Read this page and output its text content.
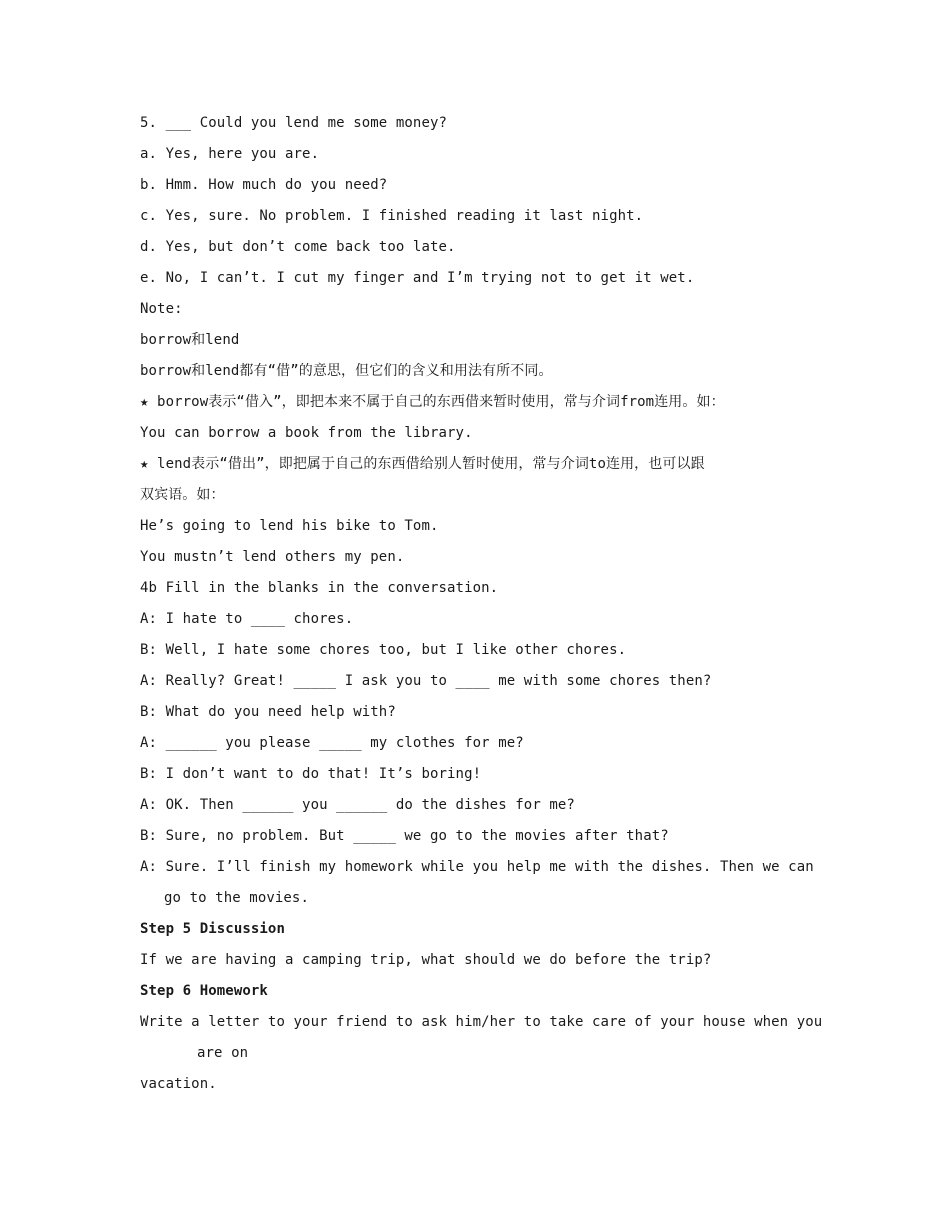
5. ___ Could you lend me some money?
a. Yes, here you are.
b. Hmm. How much do you need?
c. Yes, sure. No problem. I finished reading it last night.
d. Yes, but don’t come back too late.
e. No, I can’t. I cut my finger and I’m trying not to get it wet.
Note:
borrow和lend
borrow和lend都有“借”的意思，但它们的含义和用法有所不同。
★ borrow表示“借入”，即把本来不属于自己的东西借来暂时使用，常与介词from连用。如：
You can borrow a book from the library.
★ lend表示“借出”，即把属于自己的东西借给别人暂时使用，常与介词to连用，也可以跟
双宾语。如：
He’s going to lend his bike to Tom.
You mustn’t lend others my pen.
4b Fill in the blanks in the conversation.
A: I hate to ____ chores.
B: Well, I hate some chores too, but I like other chores.
A: Really? Great! _____ I ask you to ____ me with some chores then?
B: What do you need help with?
A: ______ you please _____ my clothes for me?
B: I don’t want to do that! It’s boring!
A: OK. Then ______ you ______ do the dishes for me?
B: Sure, no problem. But _____ we go to the movies after that?
A: Sure. I’ll finish my homework while you help me with the dishes. Then we can
go to the movies.
Step 5 Discussion
If we are having a camping trip, what should we do before the trip?
Step 6 Homework
Write a letter to your friend to ask him/her to take care of your house when you
are on
vacation.
